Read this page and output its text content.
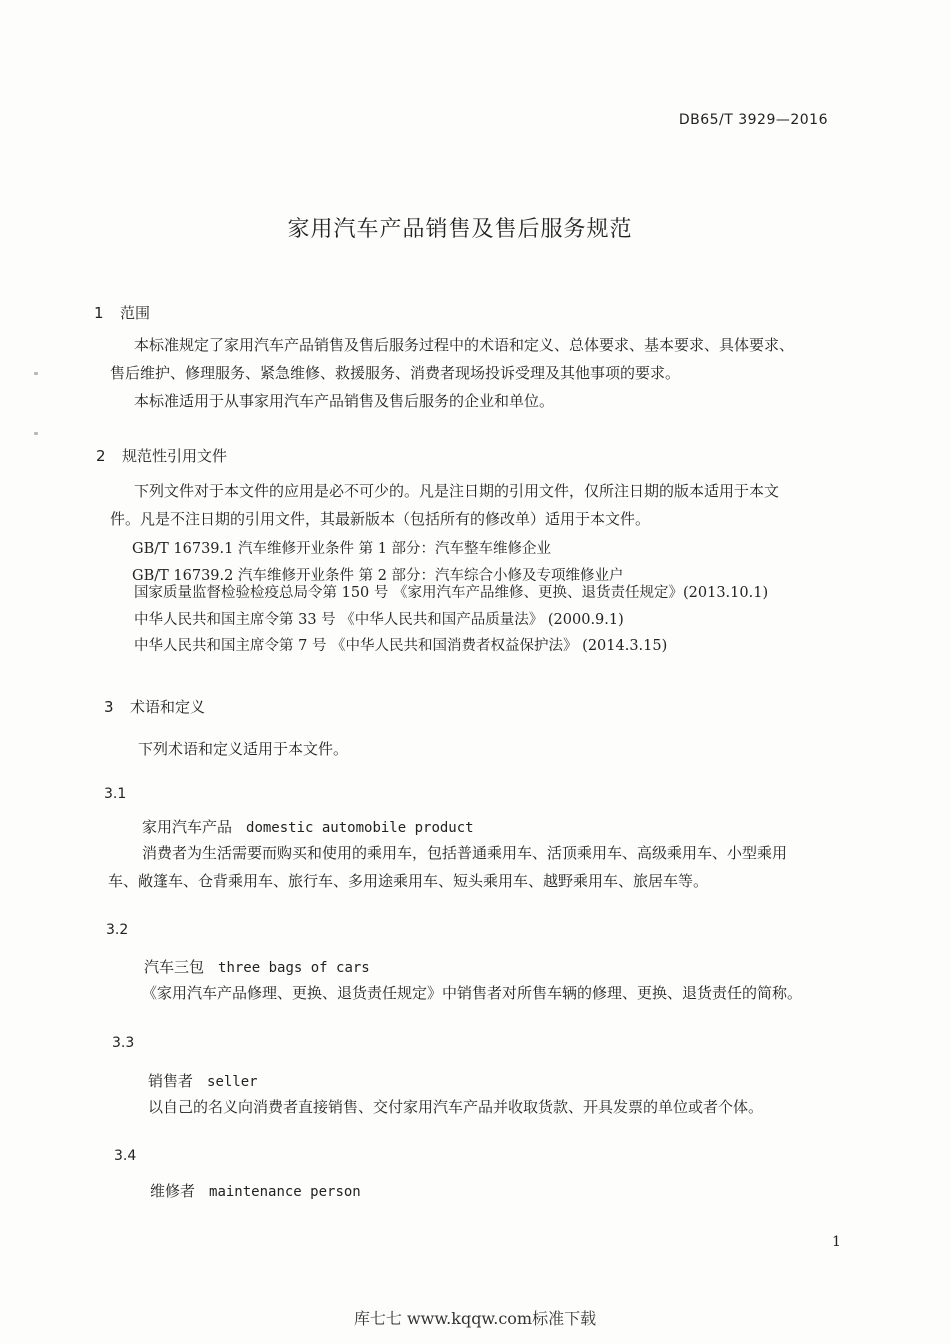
DB65/T 3929—2016
家用汽车产品销售及售后服务规范
1 范围
本标准规定了家用汽车产品销售及售后服务过程中的术语和定义、总体要求、基本要求、具体要求、
售后维护、修理服务、紧急维修、救援服务、消费者现场投诉受理及其他事项的要求。
本标准适用于从事家用汽车产品销售及售后服务的企业和单位。
2 规范性引用文件
下列文件对于本文件的应用是必不可少的。凡是注日期的引用文件，仅所注日期的版本适用于本文
件。凡是不注日期的引用文件，其最新版本（包括所有的修改单）适用于本文件。
GB/T 16739.1 汽车维修开业条件 第 1 部分：汽车整车维修企业
GB/T 16739.2 汽车维修开业条件 第 2 部分：汽车综合小修及专项维修业户
国家质量监督检验检疫总局令第 150 号 《家用汽车产品维修、更换、退货责任规定》(2013.10.1)
中华人民共和国主席令第 33 号 《中华人民共和国产品质量法》 (2000.9.1)
中华人民共和国主席令第 7 号 《中华人民共和国消费者权益保护法》 (2014.3.15)
3 术语和定义
下列术语和定义适用于本文件。
3.1
家用汽车产品 domestic automobile product
消费者为生活需要而购买和使用的乘用车，包括普通乘用车、活顶乘用车、高级乘用车、小型乘用
车、敞篷车、仓背乘用车、旅行车、多用途乘用车、短头乘用车、越野乘用车、旅居车等。
3.2
汽车三包 three bags of cars
《家用汽车产品修理、更换、退货责任规定》中销售者对所售车辆的修理、更换、退货责任的简称。
3.3
销售者 seller
以自己的名义向消费者直接销售、交付家用汽车产品并收取货款、开具发票的单位或者个体。
3.4
维修者 maintenance person
1
库七七 www.kqqw.com标准下载
